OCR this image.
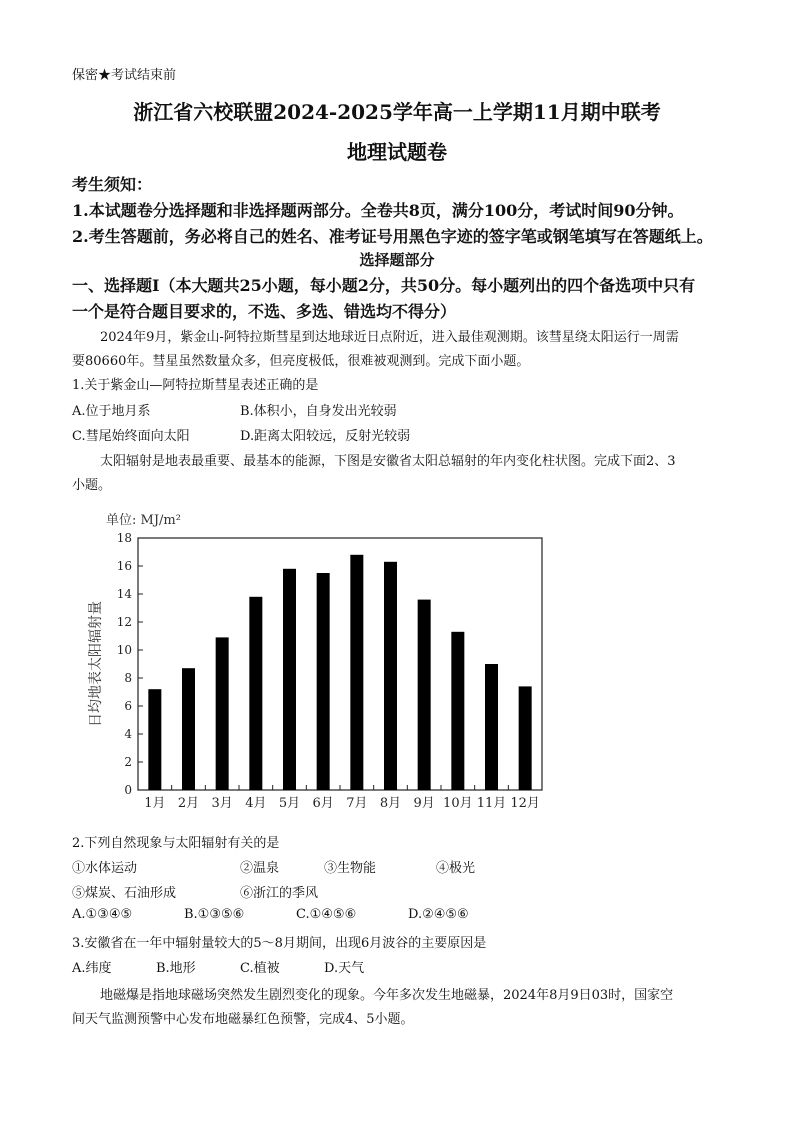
保密★考试结束前
浙江省六校联盟2024-2025学年高一上学期11月期中联考
地理试题卷
考生须知：
1.本试题卷分选择题和非选择题两部分。全卷共8页，满分100分，考试时间90分钟。
2.考生答题前，务必将自己的姓名、准考证号用黑色字迹的签字笔或钢笔填写在答题纸上。
选择题部分
一、选择题Ⅰ（本大题共25小题，每小题2分，共50分。每小题列出的四个备选项中只有
一个是符合题目要求的，不选、多选、错选均不得分）
2024年9月，紫金山-阿特拉斯彗星到达地球近日点附近，进入最佳观测期。该彗星绕太阳运行一周需
要80660年。彗星虽然数量众多，但亮度极低，很难被观测到。完成下面小题。
1.关于紫金山—阿特拉斯彗星表述正确的是
A.位于地月系	B.体积小，自身发出光较弱
C.彗尾始终面向太阳	D.距离太阳较远，反射光较弱
太阳辐射是地表最重要、最基本的能源，下图是安徽省太阳总辐射的年内变化柱状图。完成下面2、3
小题。
单位: MJ/m²
日均地表太阳辐射量
0
2
4
6
8
10
12
14
16
18
1月 2月 3月 4月 5月 6月 7月 8月 9月 10月 11月 12月
2.下列自然现象与太阳辐射有关的是
①水体运动	②温泉	③生物能	④极光
⑤煤炭、石油形成	⑥浙江的季风
A.①③④⑤	B.①③⑤⑥	C.①④⑤⑥	D.②④⑤⑥
3.安徽省在一年中辐射量较大的5～8月期间，出现6月波谷的主要原因是
A.纬度	B.地形	C.植被	D.天气
地磁爆是指地球磁场突然发生剧烈变化的现象。今年多次发生地磁暴，2024年8月9日03时，国家空
间天气监测预警中心发布地磁暴红色预警，完成4、5小题。
